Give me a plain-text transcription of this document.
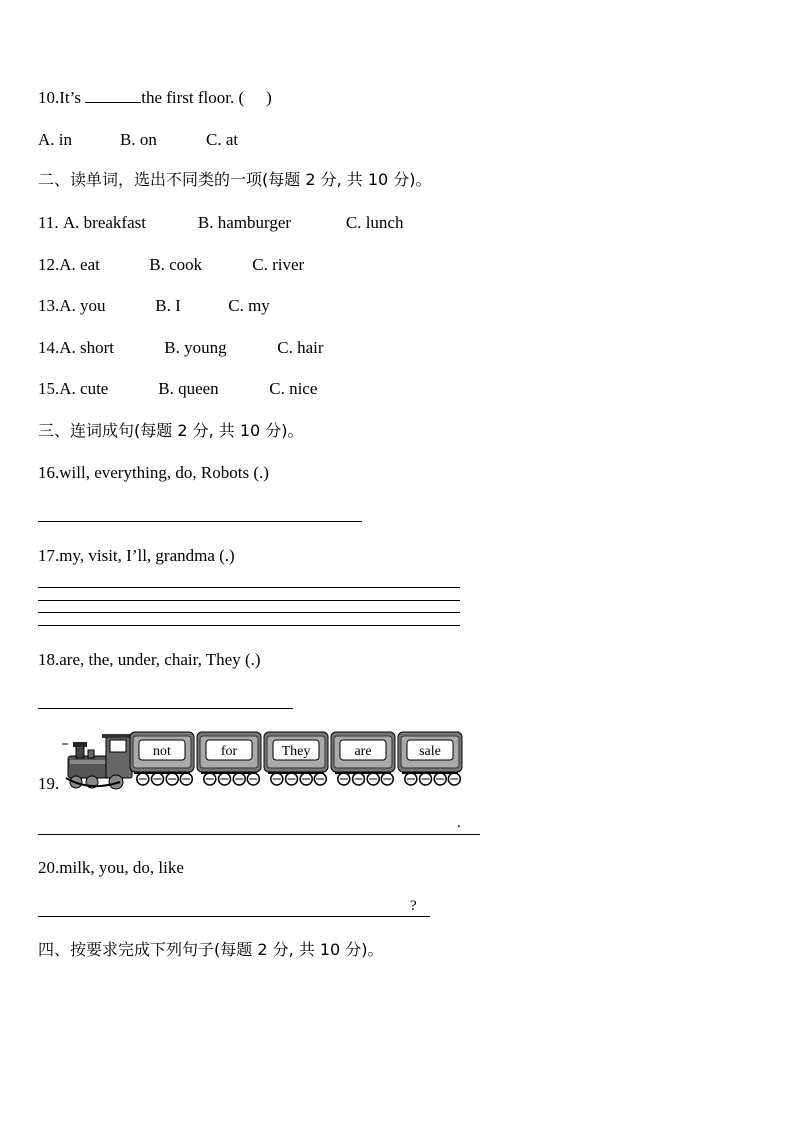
10.It’s	the first floor. ( )
A. in	B. on	C. at
二、读单词，选出不同类的一项(每题 2 分, 共 10 分)。
11. A. breakfast	B. hamburger	C. lunch
12.A. eat	B. cook	C. river
13.A. you	B. I	C. my
14.A. short	B. young	C. hair
15.A. cute	B. queen	C. nice
三、连词成句(每题 2 分, 共 10 分)。
16.will, everything, do, Robots (.)
17.my, visit, I’ll, grandma (.)
18.are, the, under, chair, They (.)
19.
not	for	They	are	sale
.
20.milk, you, do, like
?
四、按要求完成下列句子(每题 2 分, 共 10 分)。
